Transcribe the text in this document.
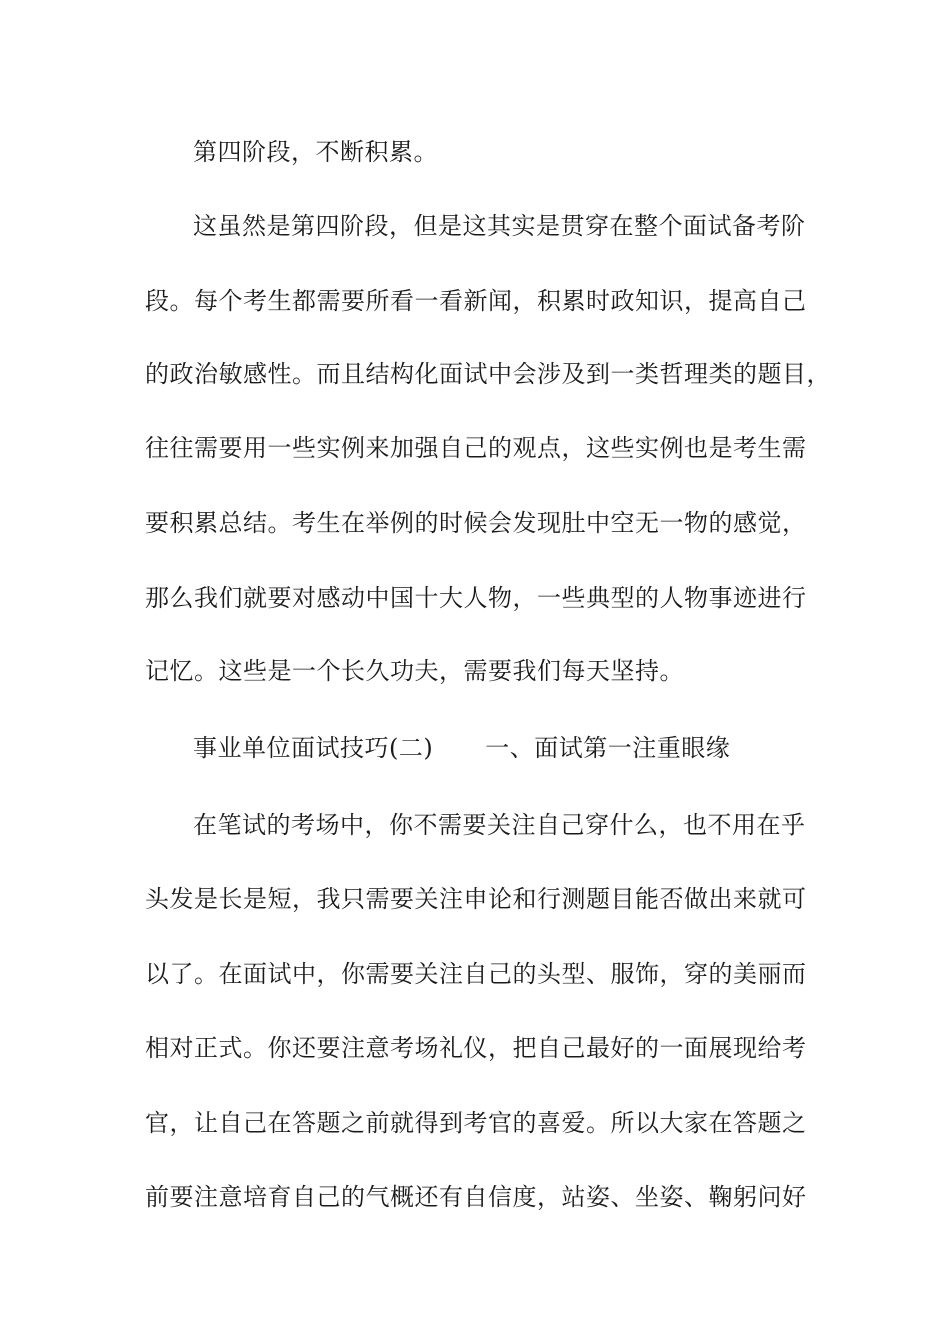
第四阶段，不断积累。
这虽然是第四阶段，但是这其实是贯穿在整个面试备考阶
段。每个考生都需要所看一看新闻，积累时政知识，提高自己
的政治敏感性。而且结构化面试中会涉及到一类哲理类的题目，
往往需要用一些实例来加强自己的观点，这些实例也是考生需
要积累总结。考生在举例的时候会发现肚中空无一物的感觉，
那么我们就要对感动中国十大人物，一些典型的人物事迹进行
记忆。这些是一个长久功夫，需要我们每天坚持。
事业单位面试技巧(二) 一、面试第一注重眼缘
在笔试的考场中，你不需要关注自己穿什么，也不用在乎
头发是长是短，我只需要关注申论和行测题目能否做出来就可
以了。在面试中，你需要关注自己的头型、服饰，穿的美丽而
相对正式。你还要注意考场礼仪，把自己最好的一面展现给考
官，让自己在答题之前就得到考官的喜爱。所以大家在答题之
前要注意培育自己的气概还有自信度，站姿、坐姿、鞠躬问好
